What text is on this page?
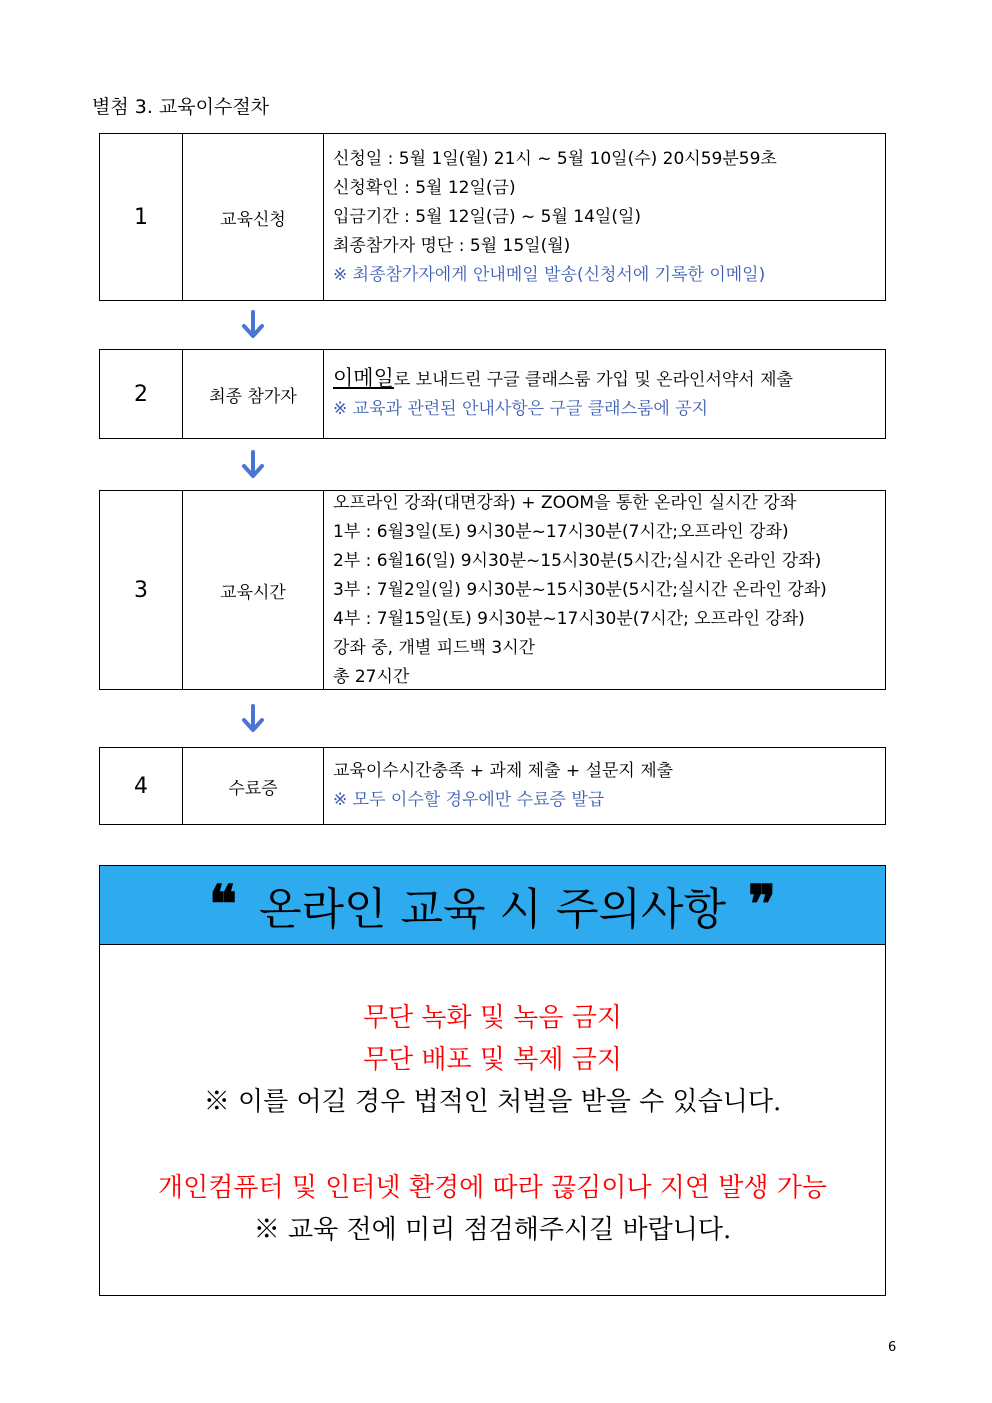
별첨 3. 교육이수절차
1	교육신청
신청일 : 5월 1일(월) 21시 ~ 5월 10일(수) 20시59분59초
신청확인 : 5월 12일(금)
입금기간 : 5월 12일(금) ~ 5월 14일(일)
최종참가자 명단 : 5월 15일(월)
※ 최종참가자에게 안내메일 발송(신청서에 기록한 이메일)
2	최종 참가자
이메일로 보내드린 구글 클래스룸 가입 및 온라인서약서 제출
※ 교육과 관련된 안내사항은 구글 클래스룸에 공지
3	교육시간
오프라인 강좌(대면강좌) + ZOOM을 통한 온라인 실시간 강좌
1부 : 6월3일(토) 9시30분~17시30분(7시간;오프라인 강좌)
2부 : 6월16(일) 9시30분~15시30분(5시간;실시간 온라인 강좌)
3부 : 7월2일(일) 9시30분~15시30분(5시간;실시간 온라인 강좌)
4부 : 7월15일(토) 9시30분~17시30분(7시간; 오프라인 강좌)
강좌 중, 개별 피드백 3시간
총 27시간
4	수료증
교육이수시간충족 + 과제 제출 + 설문지 제출
※ 모두 이수할 경우에만 수료증 발급
❝ 온라인 교육 시 주의사항 ❞
무단 녹화 및 녹음 금지
무단 배포 및 복제 금지
※ 이를 어길 경우 법적인 처벌을 받을 수 있습니다.
개인컴퓨터 및 인터넷 환경에 따라 끊김이나 지연 발생 가능
※ 교육 전에 미리 점검해주시길 바랍니다.
6
